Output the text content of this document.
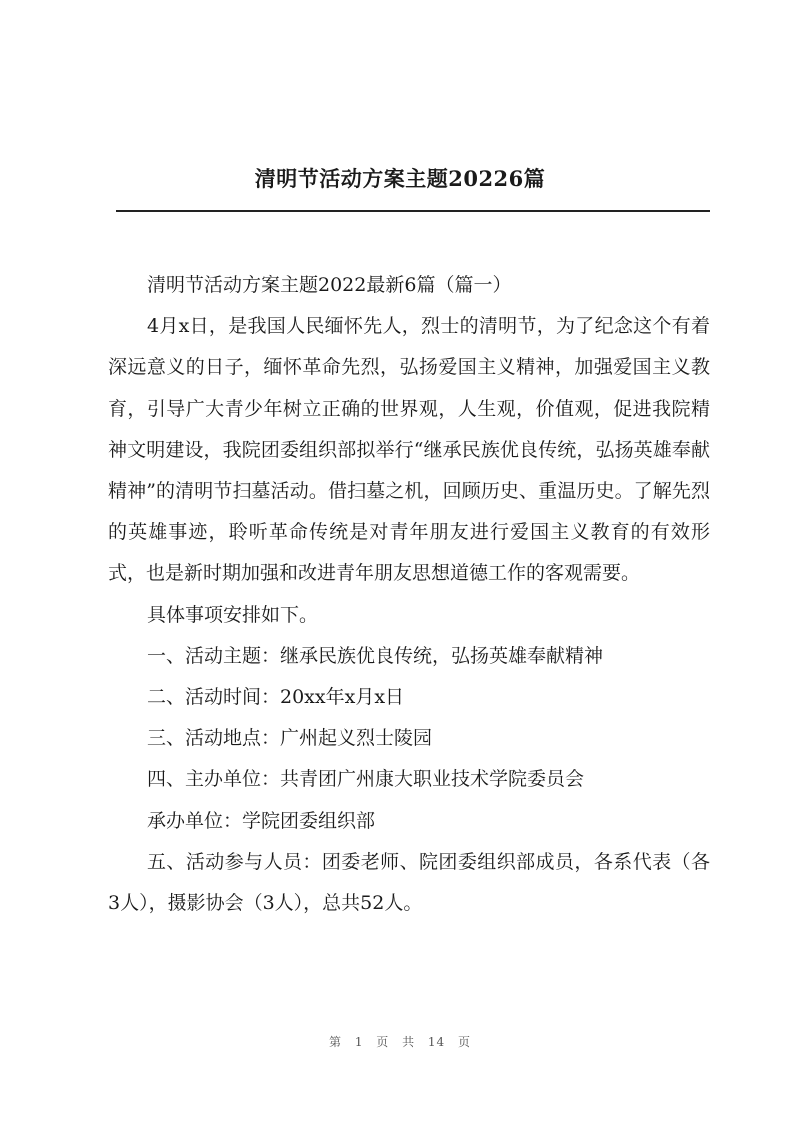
清明节活动方案主题20226篇

清明节活动方案主题2022最新6篇（篇一）

4月x日，是我国人民缅怀先人，烈士的清明节，为了纪念这个有着深远意义的日子，缅怀革命先烈，弘扬爱国主义精神，加强爱国主义教育，引导广大青少年树立正确的世界观，人生观，价值观，促进我院精神文明建设，我院团委组织部拟举行“继承民族优良传统，弘扬英雄奉献精神”的清明节扫墓活动。借扫墓之机，回顾历史、重温历史。了解先烈的英雄事迹，聆听革命传统是对青年朋友进行爱国主义教育的有效形式，也是新时期加强和改进青年朋友思想道德工作的客观需要。

具体事项安排如下。

一、活动主题：继承民族优良传统，弘扬英雄奉献精神

二、活动时间：20xx年x月x日

三、活动地点：广州起义烈士陵园

四、主办单位：共青团广州康大职业技术学院委员会

承办单位：学院团委组织部

五、活动参与人员：团委老师、院团委组织部成员，各系代表（各3人），摄影协会（3人），总共52人。

第 1 页 共 14 页
